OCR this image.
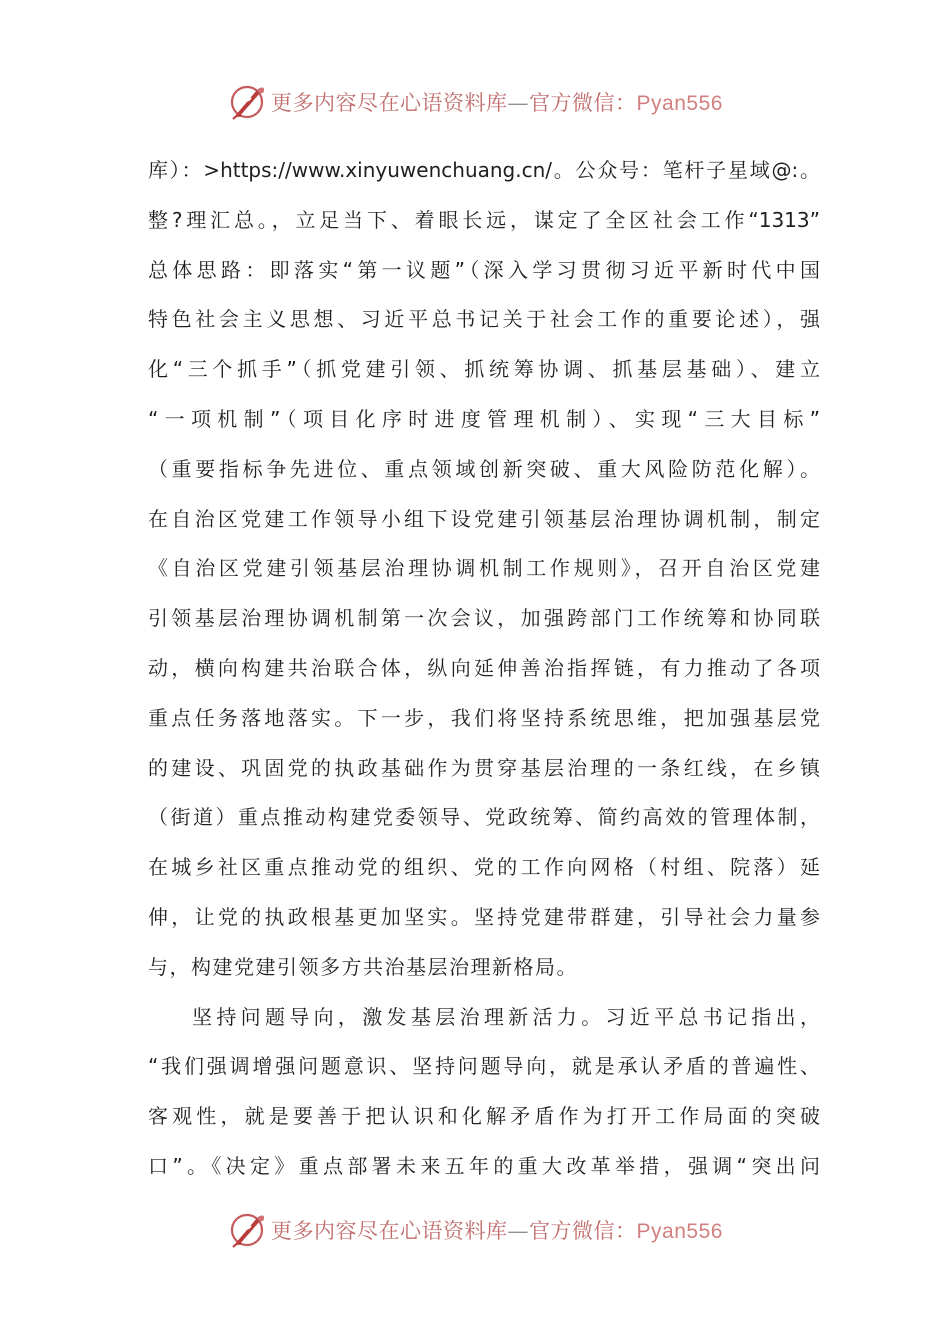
更多内容尽在心语资料库—官方微信：Pyan556
库）：>https://www.xinyuwenchuang.cn/。公众号：笔杆子星域@:。
整?理汇总。，立足当下、着眼长远，谋定了全区社会工作“1313”
总体思路：即落实“第一议题”（深入学习贯彻习近平新时代中国
特色社会主义思想、习近平总书记关于社会工作的重要论述），强
化“三个抓手”（抓党建引领、抓统筹协调、抓基层基础）、建立
“一项机制”（项目化序时进度管理机制）、实现“三大目标”
（重要指标争先进位、重点领域创新突破、重大风险防范化解）。
在自治区党建工作领导小组下设党建引领基层治理协调机制，制定
《自治区党建引领基层治理协调机制工作规则》，召开自治区党建
引领基层治理协调机制第一次会议，加强跨部门工作统筹和协同联
动，横向构建共治联合体，纵向延伸善治指挥链，有力推动了各项
重点任务落地落实。下一步，我们将坚持系统思维，把加强基层党
的建设、巩固党的执政基础作为贯穿基层治理的一条红线，在乡镇
（街道）重点推动构建党委领导、党政统筹、简约高效的管理体制，
在城乡社区重点推动党的组织、党的工作向网格（村组、院落）延
伸，让党的执政根基更加坚实。坚持党建带群建，引导社会力量参
与，构建党建引领多方共治基层治理新格局。
坚持问题导向，激发基层治理新活力。习近平总书记指出，
“我们强调增强问题意识、坚持问题导向，就是承认矛盾的普遍性、
客观性，就是要善于把认识和化解矛盾作为打开工作局面的突破
口”。《决定》重点部署未来五年的重大改革举措，强调“突出问
更多内容尽在心语资料库—官方微信：Pyan556
